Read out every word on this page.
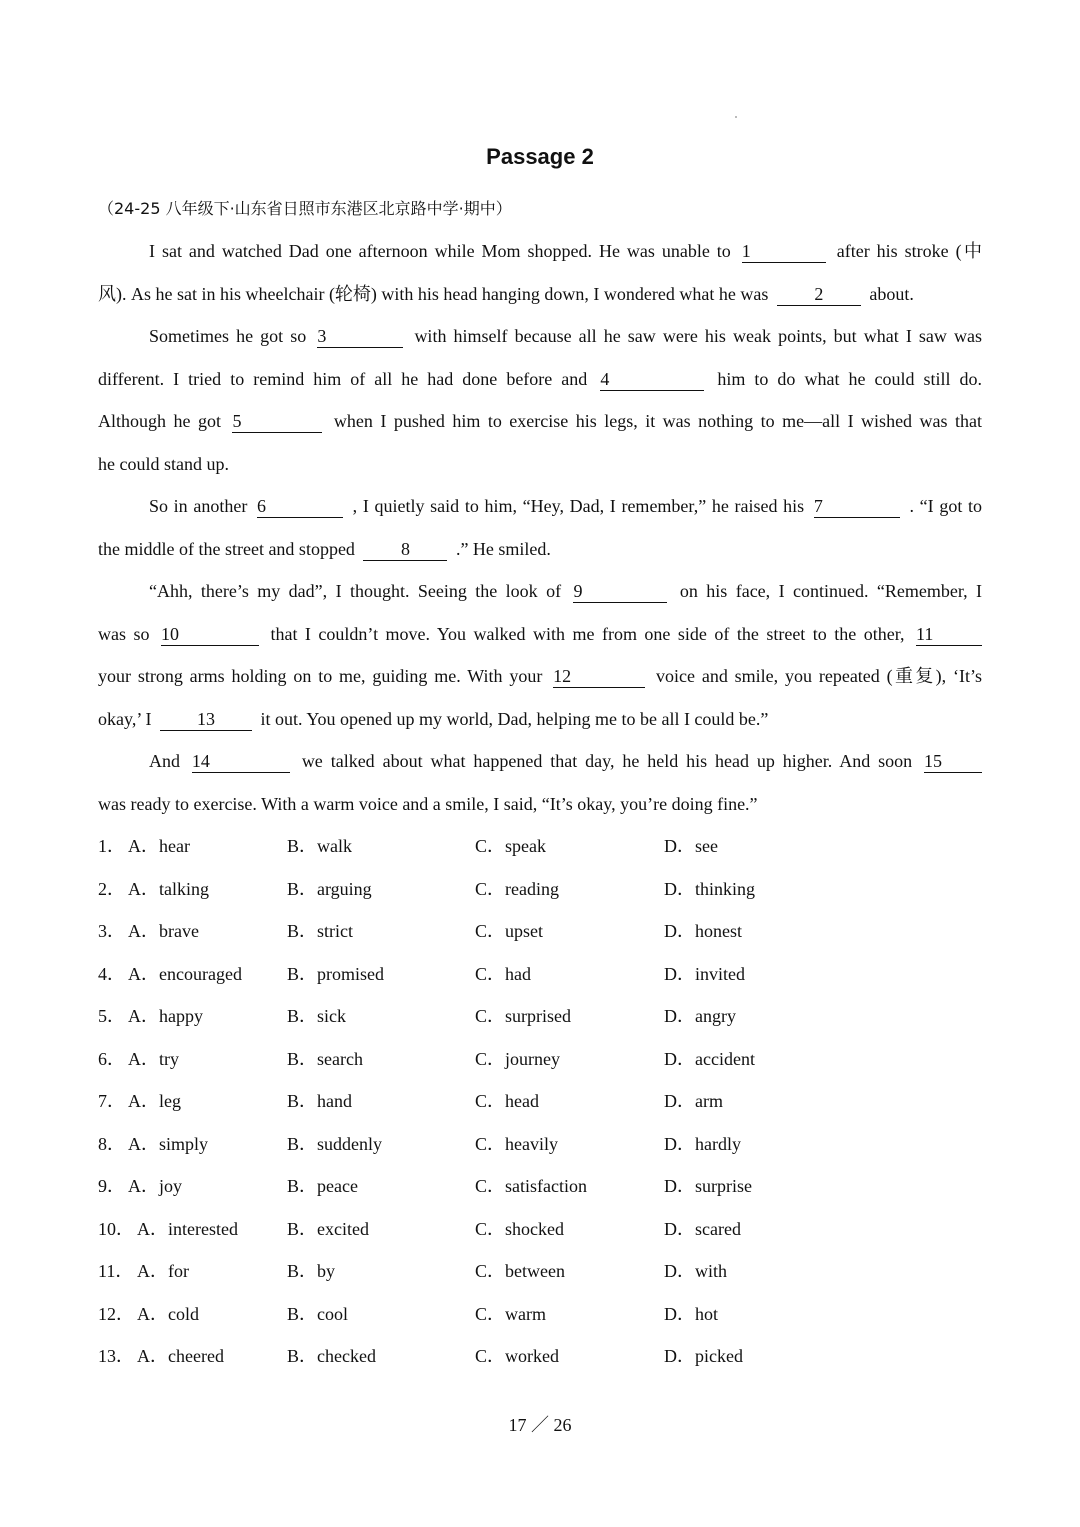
Passage 2
（24-25 八年级下·山东省日照市东港区北京路中学·期中）
I sat and watched Dad one afternoon while Mom shopped. He was unable to 1	after his stroke (中
风). As he sat in his wheelchair (轮椅) with his head hanging down, I wondered what he was	2	about.
Sometimes he got so 3	with himself because all he saw were his weak points, but what I saw was
different. I tried to remind him of all he had done before and 4	him to do what he could still do.
Although he got 5	when I pushed him to exercise his legs, it was nothing to me—all I wished was that
he could stand up.
So in another 6	, I quietly said to him, “Hey, Dad, I remember,” he raised his 7	. “I got to
the middle of the street and stopped	8	.” He smiled.
“Ahh, there’s my dad”, I thought. Seeing the look of 9	on his face, I continued. “Remember, I
was so 10	that I couldn’t move. You walked with me from one side of the street to the other, 11
your strong arms holding on to me, guiding me. With your 12	voice and smile, you repeated (重复), ‘It’s
okay,’ I	13	it out. You opened up my world, Dad, helping me to be all I could be.”
And 14	we talked about what happened that day, he held his head up higher. And soon 15
was ready to exercise. With a warm voice and a smile, I said, “It’s okay, you’re doing fine.”
1． A．hear	B．walk	C．speak	D．see
2． A．talking	B．arguing	C．reading	D．thinking
3． A．brave	B．strict	C．upset	D．honest
4． A．encouraged	B．promised	C．had	D．invited
5． A．happy	B．sick	C．surprised	D．angry
6． A．try	B．search	C．journey	D．accident
7． A．leg	B．hand	C．head	D．arm
8． A．simply	B．suddenly	C．heavily	D．hardly
9． A．joy	B．peace	C．satisfaction	D．surprise
10． A．interested	B．excited	C．shocked	D．scared
11． A．for	B．by	C．between	D．with
12． A．cold	B．cool	C．warm	D．hot
13． A．cheered	B．checked	C．worked	D．picked
17 ／ 26
